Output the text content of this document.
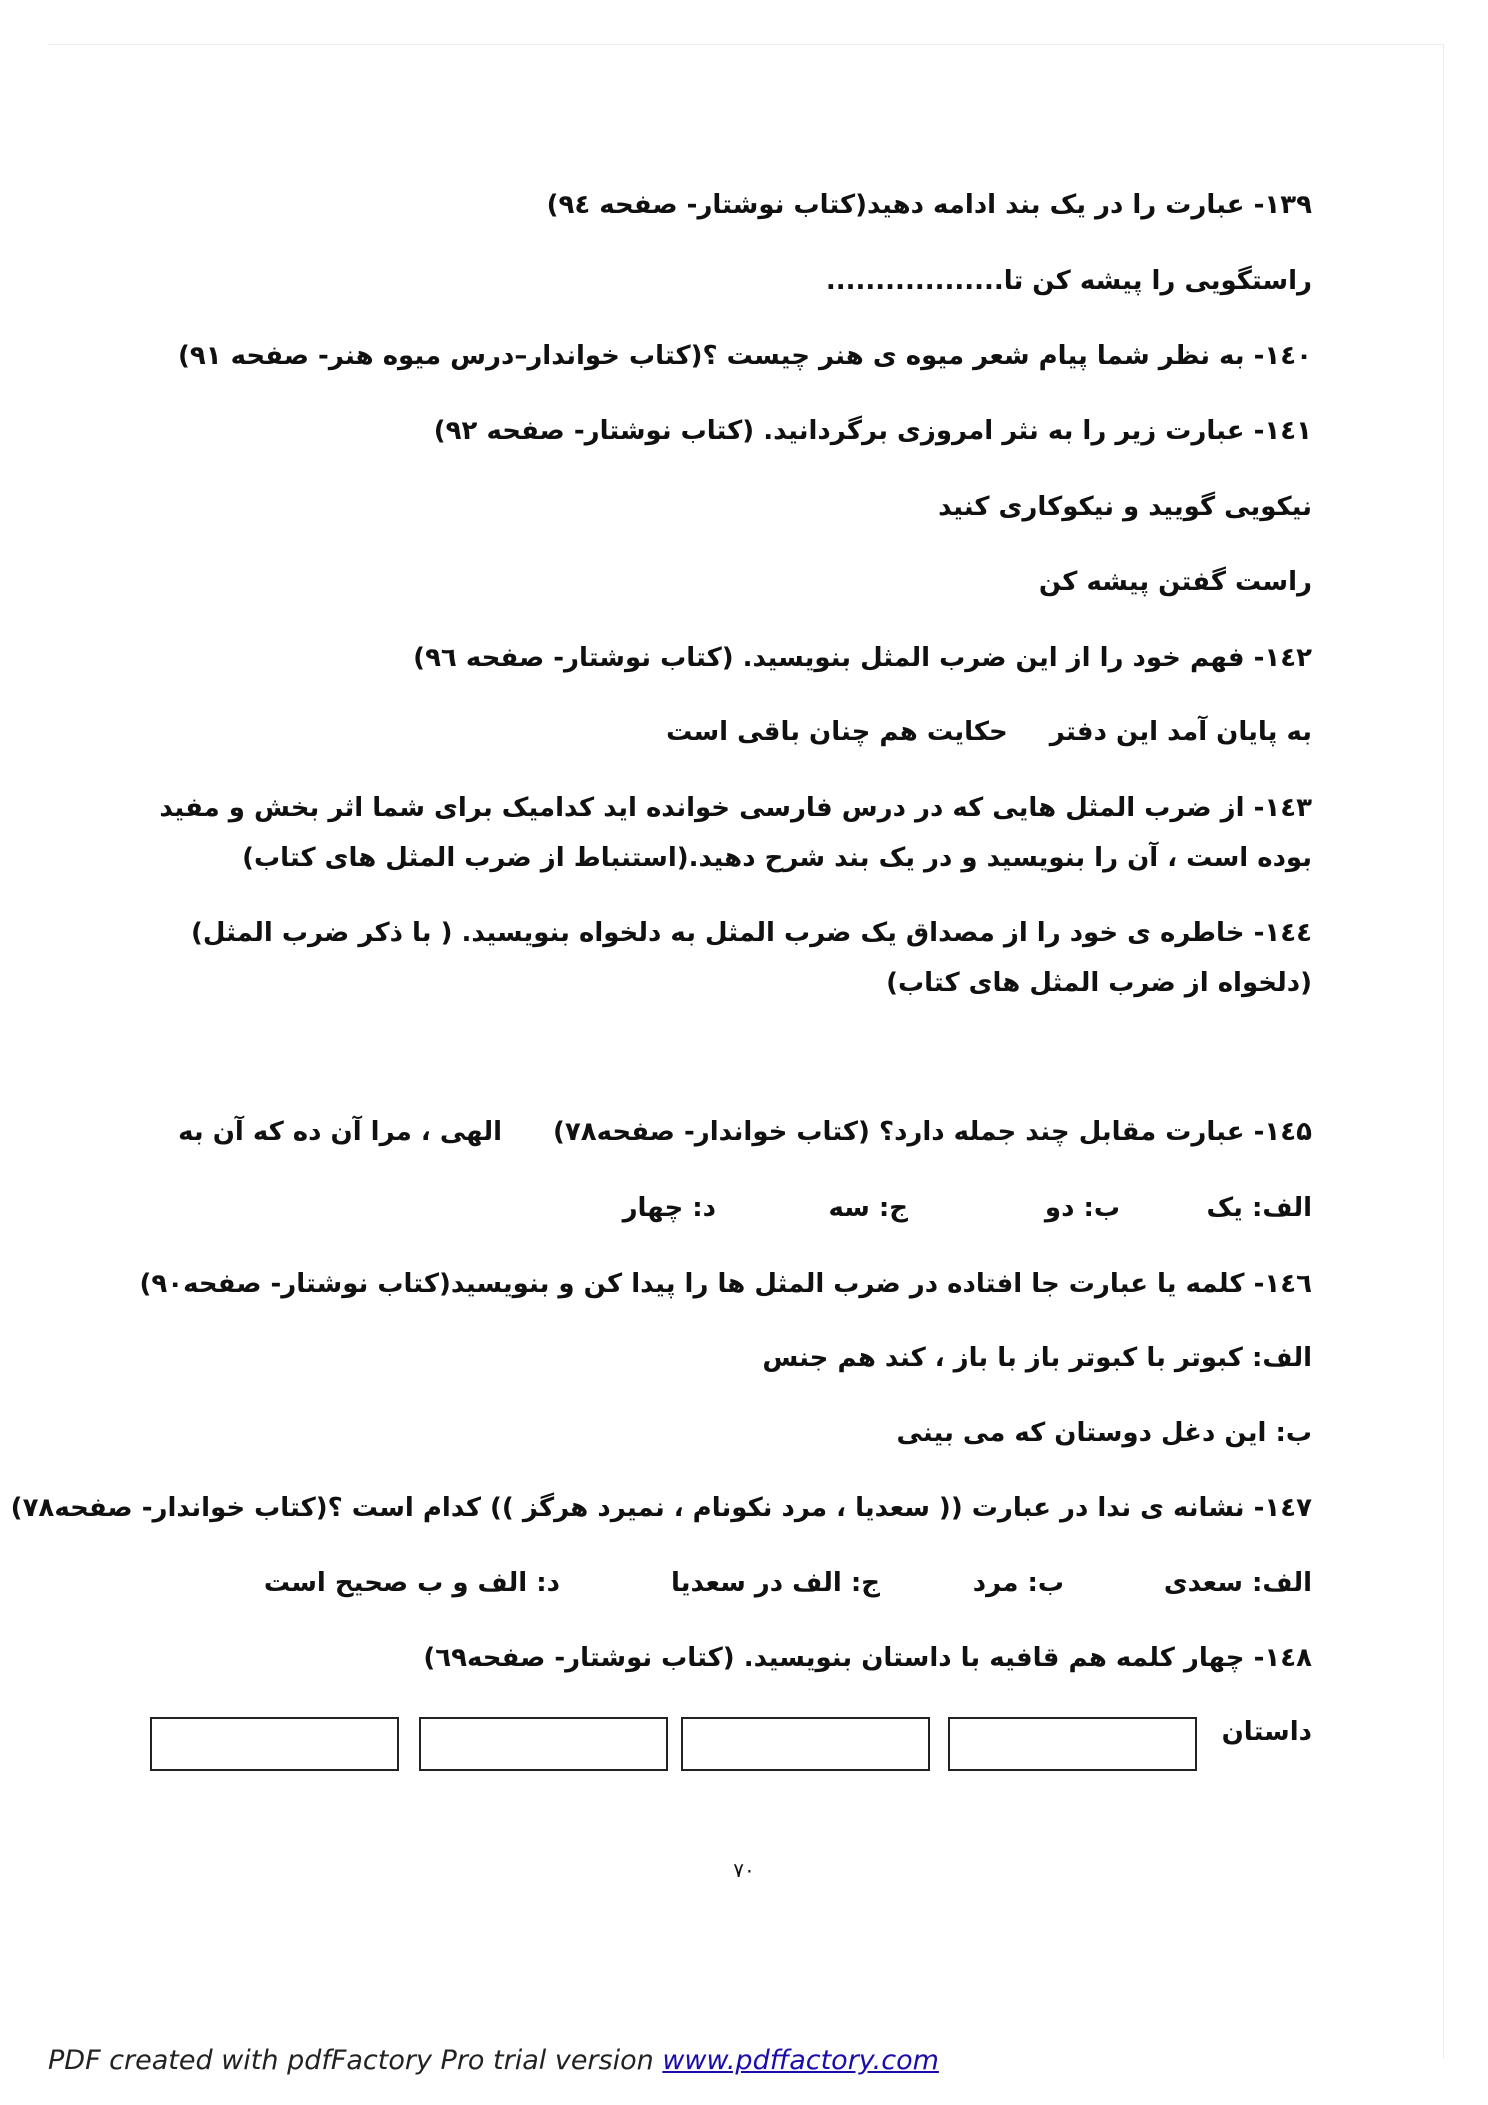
۱۳۹- عبارت را در یک بند ادامه دهید(کتاب نوشتار- صفحه ۹٤)
راستگویی را پیشه کن تا..................
۱٤۰- به نظر شما پیام شعر میوه ی هنر چیست ؟(کتاب خواندار–درس میوه هنر- صفحه ۹۱)
۱٤۱- عبارت زیر را به نثر امروزی برگردانید. (کتاب نوشتار- صفحه ۹۲)
نیکویی گویید و نیکوکاری کنید
راست گفتن پیشه کن
۱٤۲- فهم خود را از این ضرب المثل بنویسید. (کتاب نوشتار- صفحه ۹٦)
به پایان آمد این دفترحکایت هم چنان باقی است
۱٤۳- از ضرب المثل هایی که در درس فارسی خوانده اید کدامیک برای شما اثر بخش و مفید بوده است ، آن را بنویسید و در یک بند شرح دهید.(استنباط از ضرب المثل های کتاب)
۱٤٤- خاطره ی خود را از مصداق یک ضرب المثل به دلخواه بنویسید. ( با ذکر ضرب المثل)(دلخواه از ضرب المثل های کتاب)
۱٤۵- عبارت مقابل چند جمله دارد؟ (کتاب خواندار- صفحه۷۸)
الهی ، مرا آن ده که آن به
الف: یک
ب: دو
ج: سه
د: چهار
۱٤٦- کلمه یا عبارت جا افتاده در ضرب المثل ها را پیدا کن و بنویسید(کتاب نوشتار- صفحه۹۰)
الف: کبوتر با کبوتر باز با باز ، کند هم جنس
ب: این دغل دوستان که می بینی
۱٤۷- نشانه ی ندا در عبارت (( سعدیا ، مرد نکونام ، نمیرد هرگز )) کدام است ؟(کتاب خواندار- صفحه۷۸)
الف: سعدی
ب: مرد
ج: الف در سعدیا
د: الف و ب صحیح است
۱٤۸- چهار کلمه هم قافیه با داستان بنویسید. (کتاب نوشتار- صفحه٦۹)
داستان
۷۰
PDF created with pdfFactory Pro trial version www.pdffactory.com
